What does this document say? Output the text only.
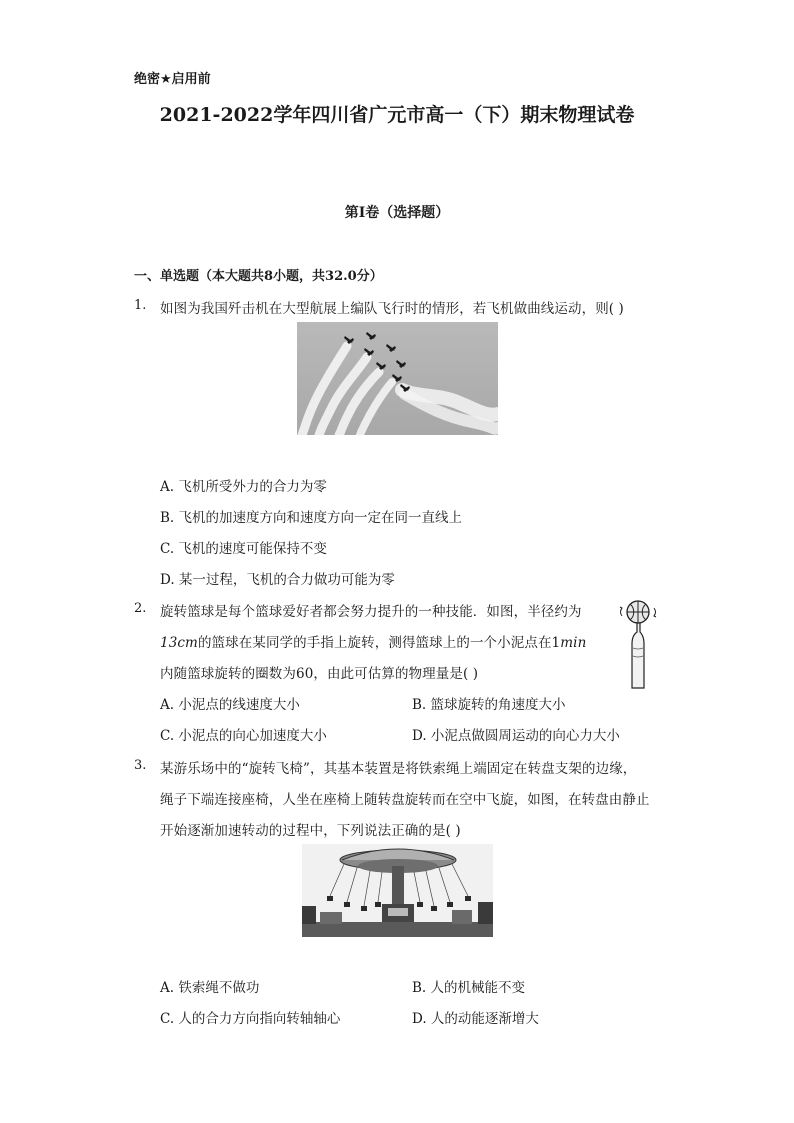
绝密★启用前
2021-2022学年四川省广元市高一（下）期末物理试卷
第I卷（选择题）
一、单选题（本大题共8小题，共32.0分）
1. 如图为我国歼击机在大型航展上编队飞行时的情形，若飞机做曲线运动，则( )
A. 飞机所受外力的合力为零
B. 飞机的加速度方向和速度方向一定在同一直线上
C. 飞机的速度可能保持不变
D. 某一过程，飞机的合力做功可能为零
2. 旋转篮球是每个篮球爱好者都会努力提升的一种技能．如图，半径约为
13cm的篮球在某同学的手指上旋转，测得篮球上的一个小泥点在1min
内随篮球旋转的圈数为60，由此可估算的物理量是( )
A. 小泥点的线速度大小	B. 篮球旋转的角速度大小
C. 小泥点的向心加速度大小	D. 小泥点做圆周运动的向心力大小
3. 某游乐场中的“旋转飞椅”，其基本装置是将铁索绳上端固定在转盘支架的边缘，
绳子下端连接座椅，人坐在座椅上随转盘旋转而在空中飞旋，如图，在转盘由静止
开始逐渐加速转动的过程中，下列说法正确的是( )
A. 铁索绳不做功	B. 人的机械能不变
C. 人的合力方向指向转轴轴心	D. 人的动能逐渐增大
